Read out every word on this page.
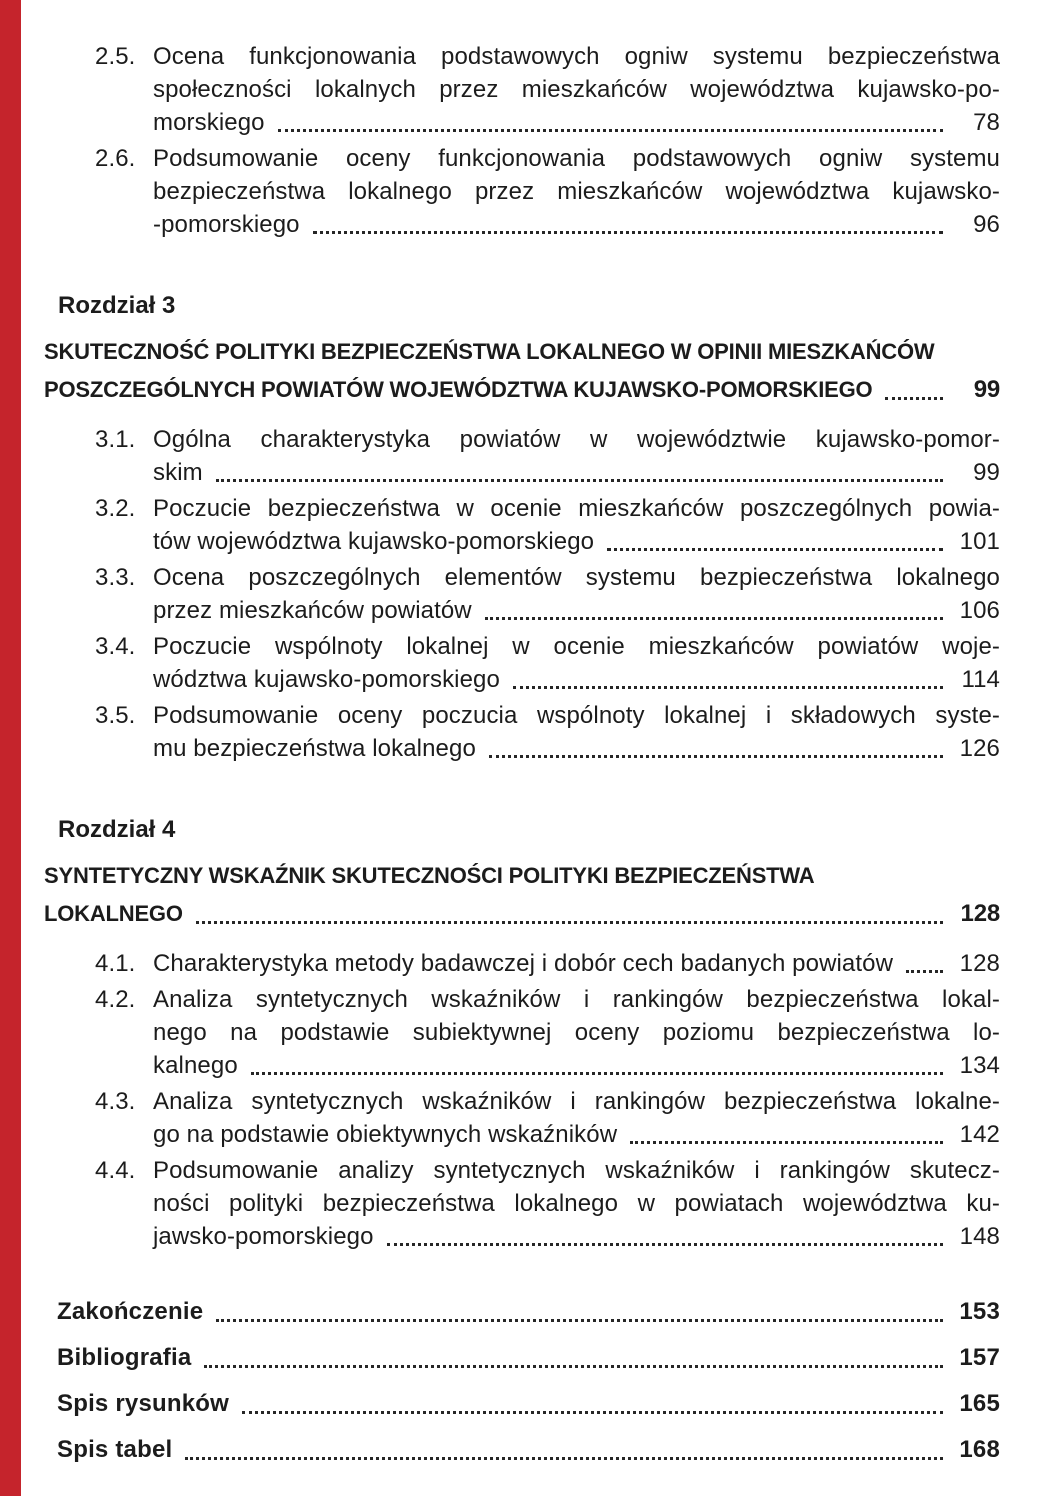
2.5. Ocena funkcjonowania podstawowych ogniw systemu bezpieczeństwa
społeczności lokalnych przez mieszkańców województwa kujawsko-po-
morskiego	78
2.6. Podsumowanie oceny funkcjonowania podstawowych ogniw systemu
bezpieczeństwa lokalnego przez mieszkańców województwa kujawsko-
-pomorskiego	96
Rozdział 3
SKUTECZNOŚĆ POLITYKI BEZPIECZEŃSTWA LOKALNEGO W OPINII MIESZKAŃCÓW
POSZCZEGÓLNYCH POWIATÓW WOJEWÓDZTWA KUJAWSKO-POMORSKIEGO	99
3.1. Ogólna charakterystyka powiatów w województwie kujawsko-pomor-
skim	99
3.2. Poczucie bezpieczeństwa w ocenie mieszkańców poszczególnych powia-
tów województwa kujawsko-pomorskiego	101
3.3. Ocena poszczególnych elementów systemu bezpieczeństwa lokalnego
przez mieszkańców powiatów	106
3.4. Poczucie wspólnoty lokalnej w ocenie mieszkańców powiatów woje-
wództwa kujawsko-pomorskiego	114
3.5. Podsumowanie oceny poczucia wspólnoty lokalnej i składowych syste-
mu bezpieczeństwa lokalnego	126
Rozdział 4
SYNTETYCZNY WSKAŹNIK SKUTECZNOŚCI POLITYKI BEZPIECZEŃSTWA
LOKALNEGO	128
4.1. Charakterystyka metody badawczej i dobór cech badanych powiatów	128
4.2. Analiza syntetycznych wskaźników i rankingów bezpieczeństwa lokal-
nego na podstawie subiektywnej oceny poziomu bezpieczeństwa lo-
kalnego	134
4.3. Analiza syntetycznych wskaźników i rankingów bezpieczeństwa lokalne-
go na podstawie obiektywnych wskaźników	142
4.4. Podsumowanie analizy syntetycznych wskaźników i rankingów skutecz-
ności polityki bezpieczeństwa lokalnego w powiatach województwa ku-
jawsko-pomorskiego	148
Zakończenie	153
Bibliografia	157
Spis rysunków	165
Spis tabel	168
